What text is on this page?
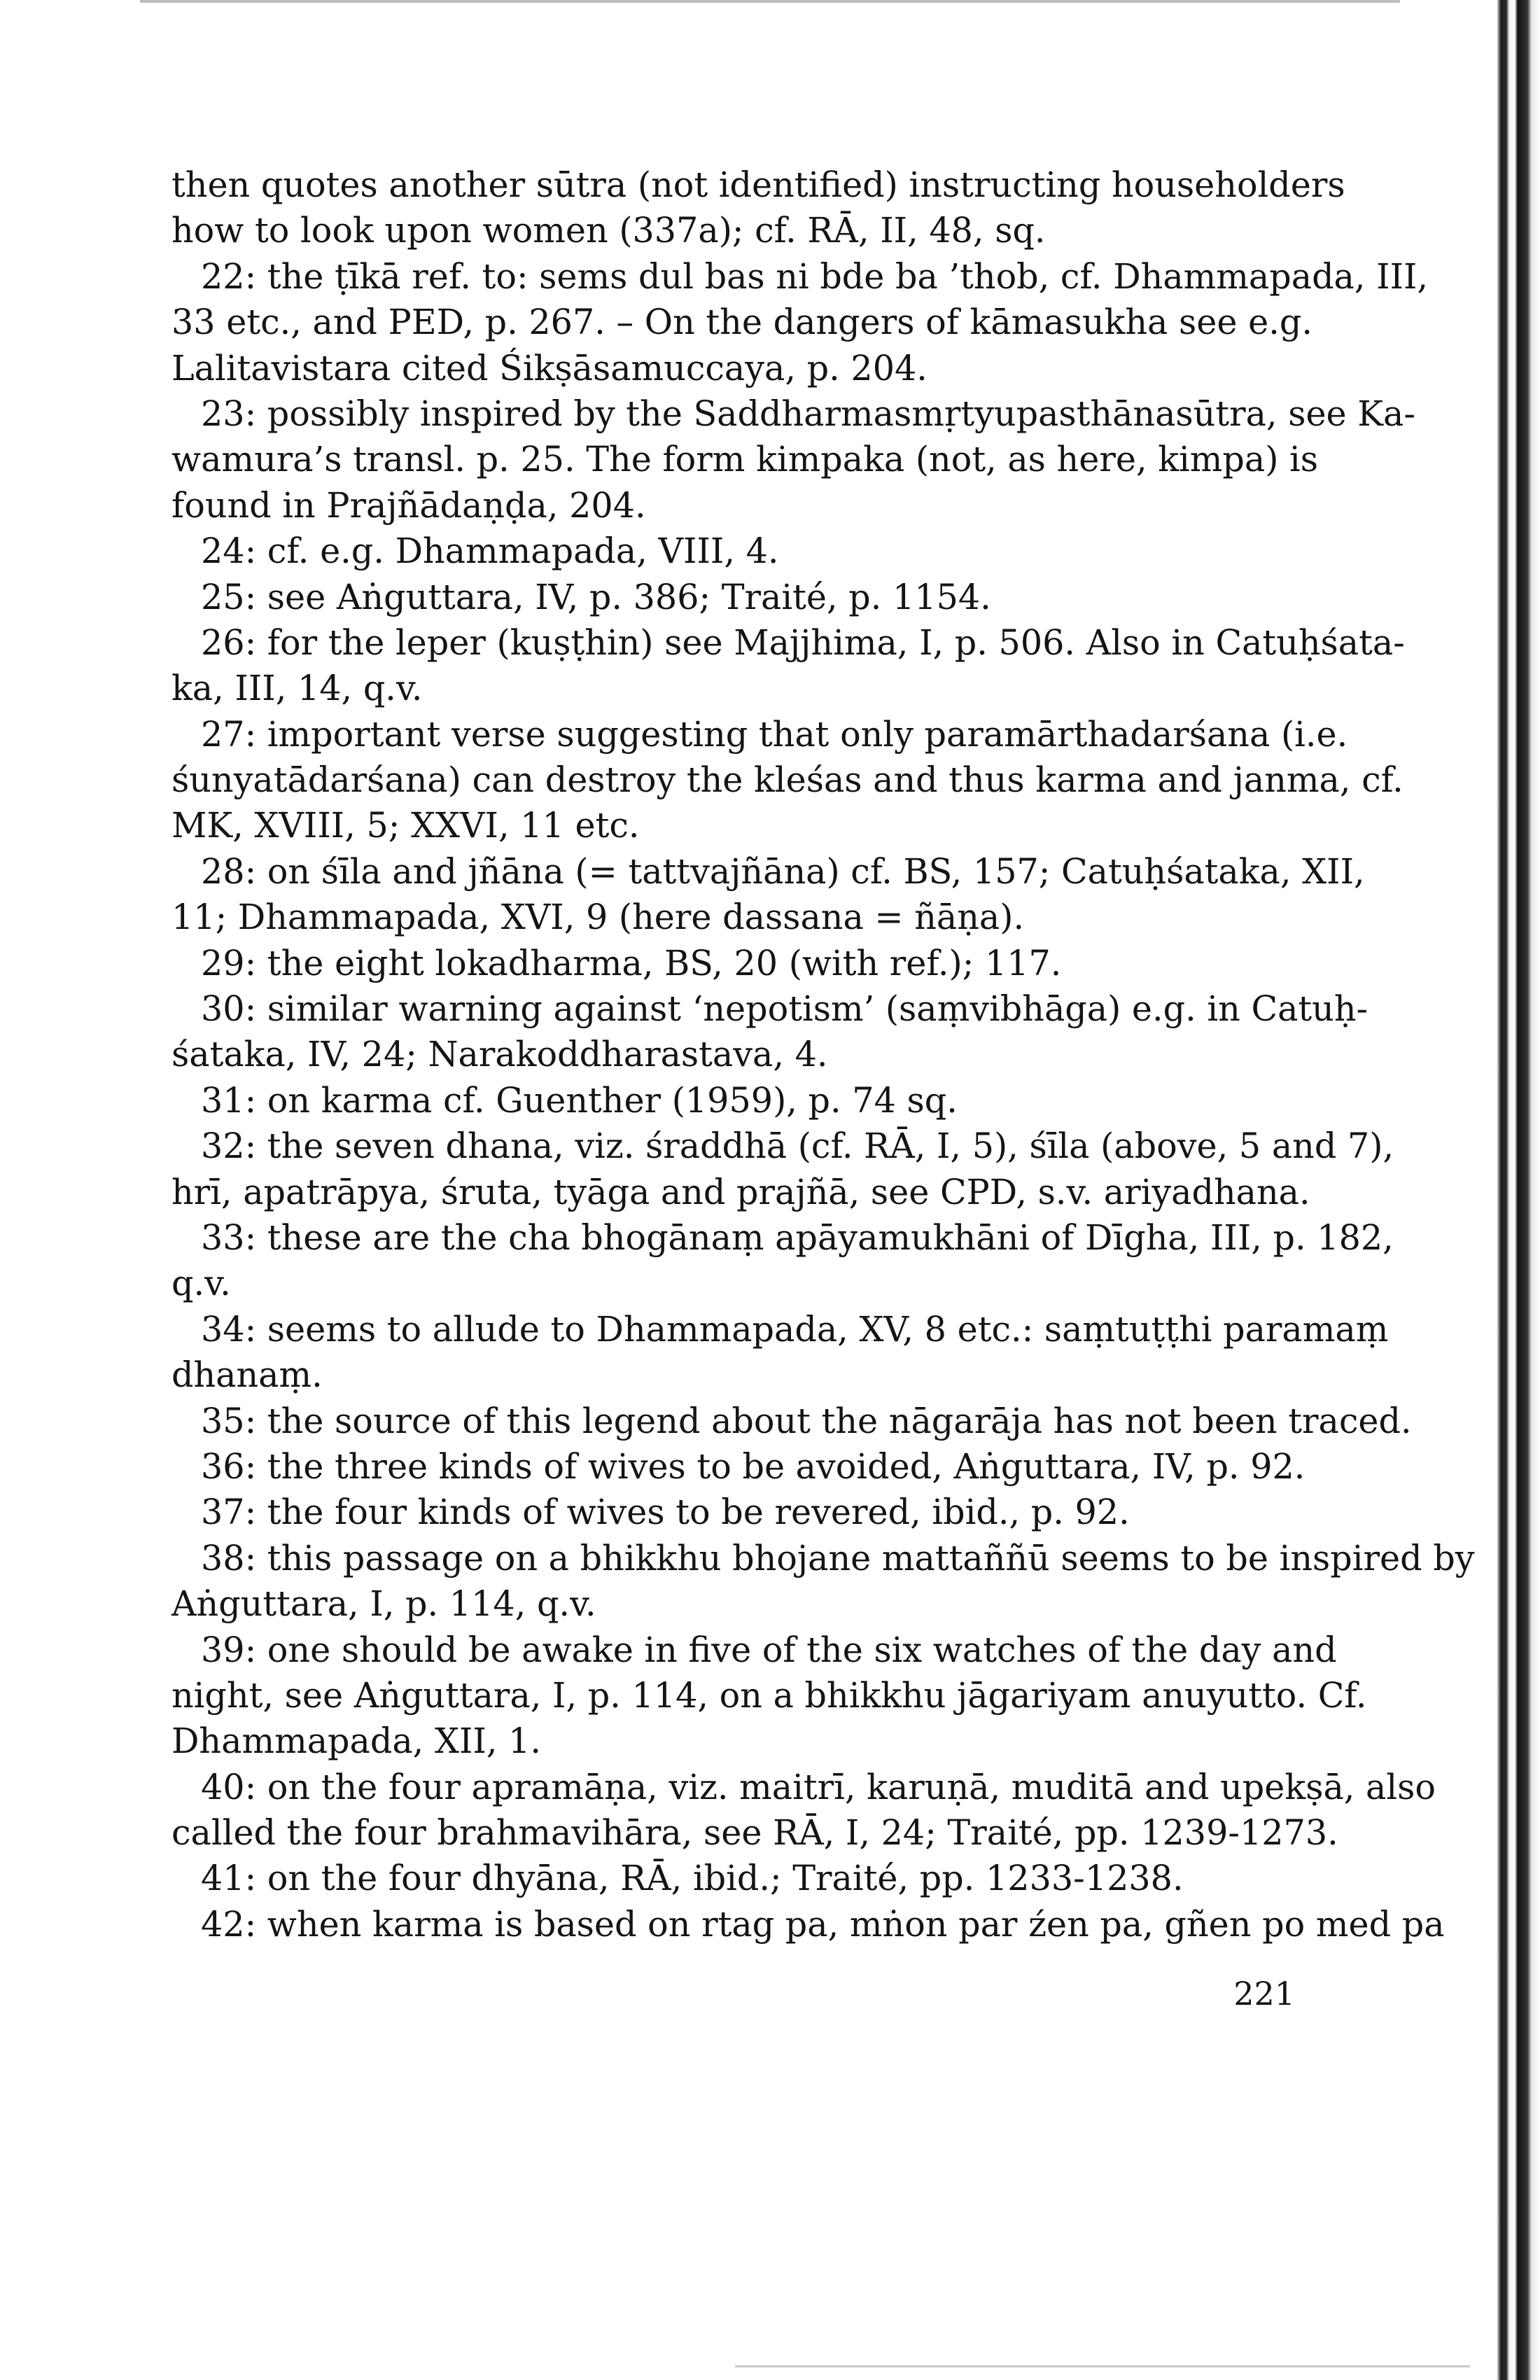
then quotes another sūtra (not identified) instructing householders
how to look upon women (337a); cf. RĀ, II, 48, sq.
22: the ṭīkā ref. to: sems dul bas ni bde ba ’thob, cf. Dhammapada, III,
33 etc., and PED, p. 267. – On the dangers of kāmasukha see e.g.
Lalitavistara cited Śikṣāsamuccaya, p. 204.
23: possibly inspired by the Saddharmasmṛtyupasthānasūtra, see Ka-
wamura’s transl. p. 25. The form kimpaka (not, as here, kimpa) is
found in Prajñādaṇḍa, 204.
24: cf. e.g. Dhammapada, VIII, 4.
25: see Aṅguttara, IV, p. 386; Traité, p. 1154.
26: for the leper (kuṣṭhin) see Majjhima, I, p. 506. Also in Catuḥśata-
ka, III, 14, q.v.
27: important verse suggesting that only paramārthadarśana (i.e.
śunyatādarśana) can destroy the kleśas and thus karma and janma, cf.
MK, XVIII, 5; XXVI, 11 etc.
28: on śīla and jñāna (= tattvajñāna) cf. BS, 157; Catuḥśataka, XII,
11; Dhammapada, XVI, 9 (here dassana = ñāṇa).
29: the eight lokadharma, BS, 20 (with ref.); 117.
30: similar warning against ‘nepotism’ (saṃvibhāga) e.g. in Catuḥ-
śataka, IV, 24; Narakoddharastava, 4.
31: on karma cf. Guenther (1959), p. 74 sq.
32: the seven dhana, viz. śraddhā (cf. RĀ, I, 5), śīla (above, 5 and 7),
hrī, apatrāpya, śruta, tyāga and prajñā, see CPD, s.v. ariyadhana.
33: these are the cha bhogānaṃ apāyamukhāni of Dīgha, III, p. 182,
q.v.
34: seems to allude to Dhammapada, XV, 8 etc.: saṃtuṭṭhi paramaṃ
dhanaṃ.
35: the source of this legend about the nāgarāja has not been traced.
36: the three kinds of wives to be avoided, Aṅguttara, IV, p. 92.
37: the four kinds of wives to be revered, ibid., p. 92.
38: this passage on a bhikkhu bhojane mattaññū seems to be inspired by
Aṅguttara, I, p. 114, q.v.
39: one should be awake in five of the six watches of the day and
night, see Aṅguttara, I, p. 114, on a bhikkhu jāgariyam anuyutto. Cf.
Dhammapada, XII, 1.
40: on the four apramāṇa, viz. maitrī, karuṇā, muditā and upekṣā, also
called the four brahmavihāra, see RĀ, I, 24; Traité, pp. 1239-1273.
41: on the four dhyāna, RĀ, ibid.; Traité, pp. 1233-1238.
42: when karma is based on rtag pa, mṅon par źen pa, gñen po med pa
221
